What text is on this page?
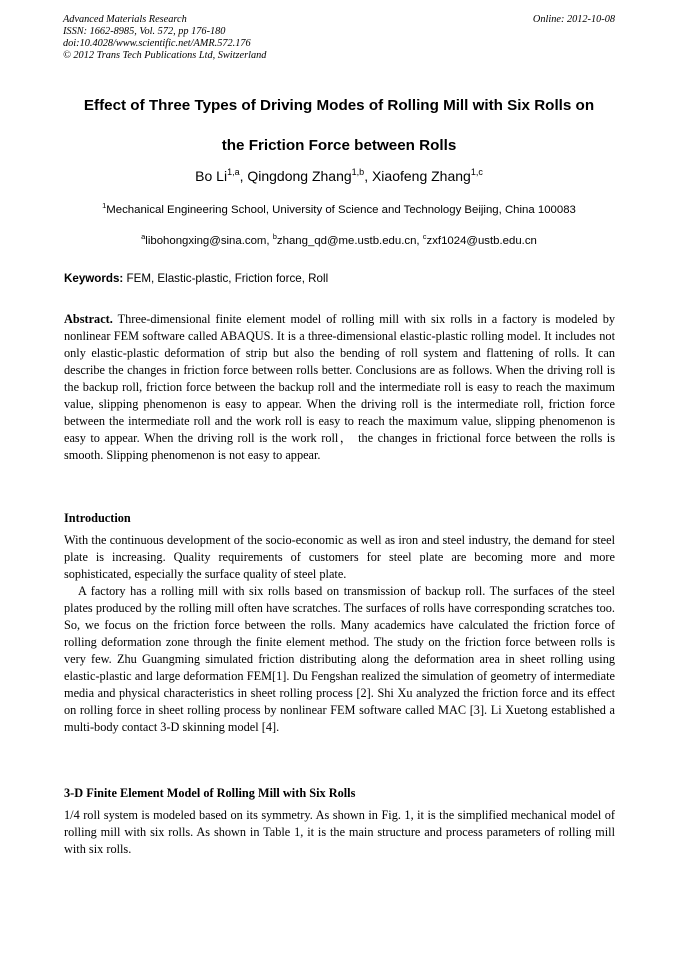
Advanced Materials Research
ISSN: 1662-8985, Vol. 572, pp 176-180
doi:10.4028/www.scientific.net/AMR.572.176
© 2012 Trans Tech Publications Ltd, Switzerland
Online: 2012-10-08
Effect of Three Types of Driving Modes of Rolling Mill with Six Rolls on
the Friction Force between Rolls
Bo Li$^{1,a}$, Qingdong Zhang$^{1,b}$, Xiaofeng Zhang$^{1,c}$
$^1$Mechanical Engineering School, University of Science and Technology Beijing, China 100083
$^a$libohongxing@sina.com, $^b$zhang_qd@me.ustb.edu.cn, $^c$zxf1024@ustb.edu.cn
Keywords: FEM, Elastic-plastic, Friction force, Roll

Abstract. Three-dimensional finite element model of rolling mill with six rolls in a factory is modeled by nonlinear FEM software called ABAQUS. It is a three-dimensional elastic-plastic rolling model. It includes not only elastic-plastic deformation of strip but also the bending of roll system and flattening of rolls. It can describe the changes in friction force between rolls better. Conclusions are as follows. When the driving roll is the backup roll, friction force between the backup roll and the intermediate roll is easy to reach the maximum value, slipping phenomenon is easy to appear. When the driving roll is the intermediate roll, friction force between the intermediate roll and the work roll is easy to reach the maximum value, slipping phenomenon is easy to appear. When the driving roll is the work roll， the changes in frictional force between the rolls is smooth. Slipping phenomenon is not easy to appear.

Introduction

With the continuous development of the socio-economic as well as iron and steel industry, the demand for steel plate is increasing. Quality requirements of customers for steel plate are becoming more and more sophisticated, especially the surface quality of steel plate.

A factory has a rolling mill with six rolls based on transmission of backup roll. The surfaces of the steel plates produced by the rolling mill often have scratches. The surfaces of rolls have corresponding scratches too. So, we focus on the friction force between the rolls. Many academics have calculated the friction force of rolling deformation zone through the finite element method. The study on the friction force between rolls is very few. Zhu Guangming simulated friction distributing along the deformation area in sheet rolling using elastic-plastic and large deformation FEM[1]. Du Fengshan realized the simulation of geometry of intermediate media and physical characteristics in sheet rolling process [2]. Shi Xu analyzed the friction force and its effect on rolling force in sheet rolling process by nonlinear FEM software called MAC [3]. Li Xuetong established a multi-body contact 3-D skinning model [4].

3-D Finite Element Model of Rolling Mill with Six Rolls

1/4 roll system is modeled based on its symmetry. As shown in Fig. 1, it is the simplified mechanical model of rolling mill with six rolls. As shown in Table 1, it is the main structure and process parameters of rolling mill with six rolls.
